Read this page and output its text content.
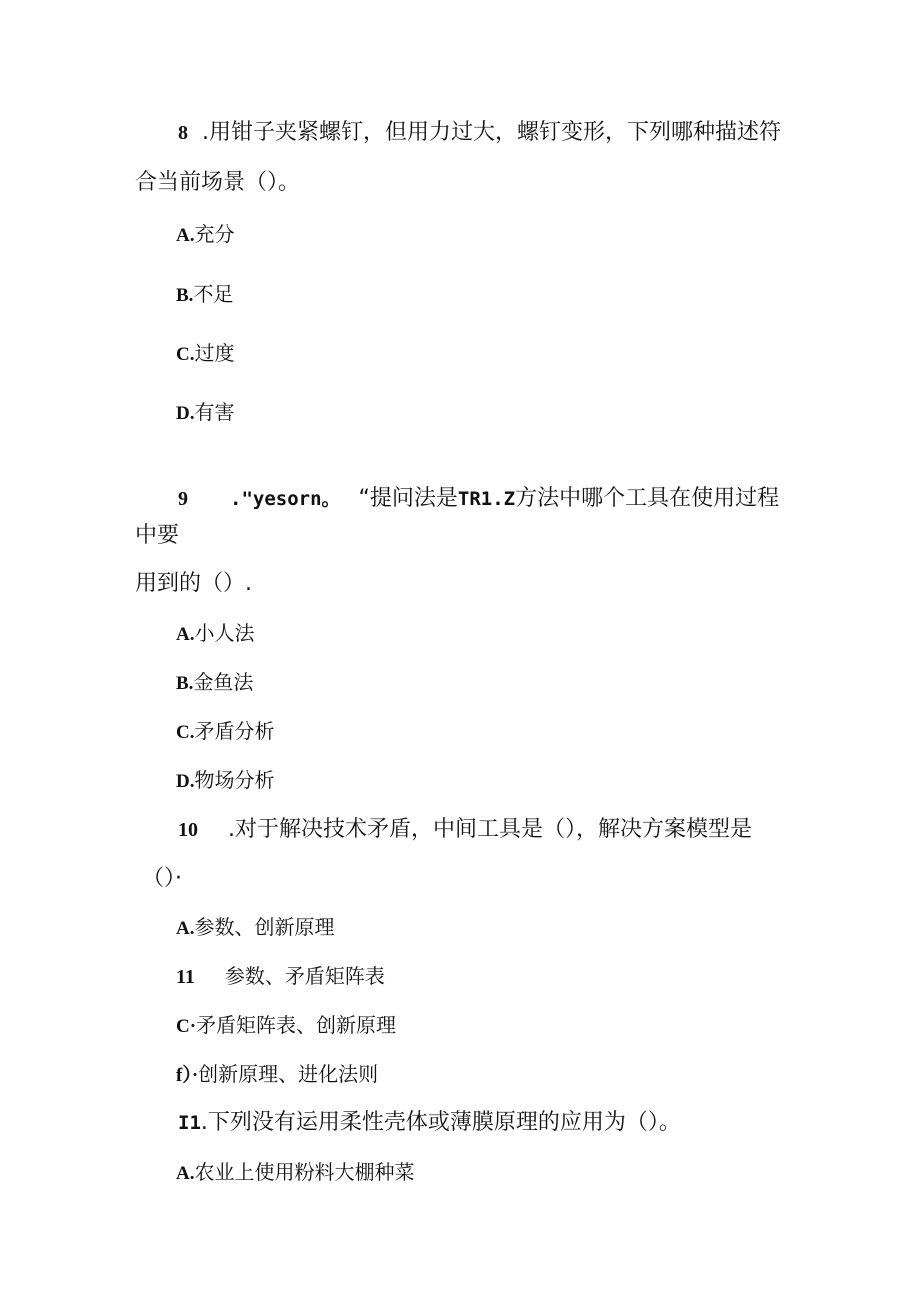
8 .用钳子夹紧螺钉，但用力过大，螺钉变形，下列哪种描述符
合当前场景（）。
A.充分
B.不足
C.过度
D.有害
9 ."yesorn。 “提问法是TR1.Z方法中哪个工具在使用过程
中要
用到的（）.
A.小人法
B.金鱼法
C.矛盾分析
D.物场分析
10 .对于解决技术矛盾，中间工具是（），解决方案模型是
（）·
A.参数、创新原理
11 参数、矛盾矩阵表
C·矛盾矩阵表、创新原理
f）·创新原理、进化法则
I1.下列没有运用柔性壳体或薄膜原理的应用为（）。
A.农业上使用粉料大棚种菜
